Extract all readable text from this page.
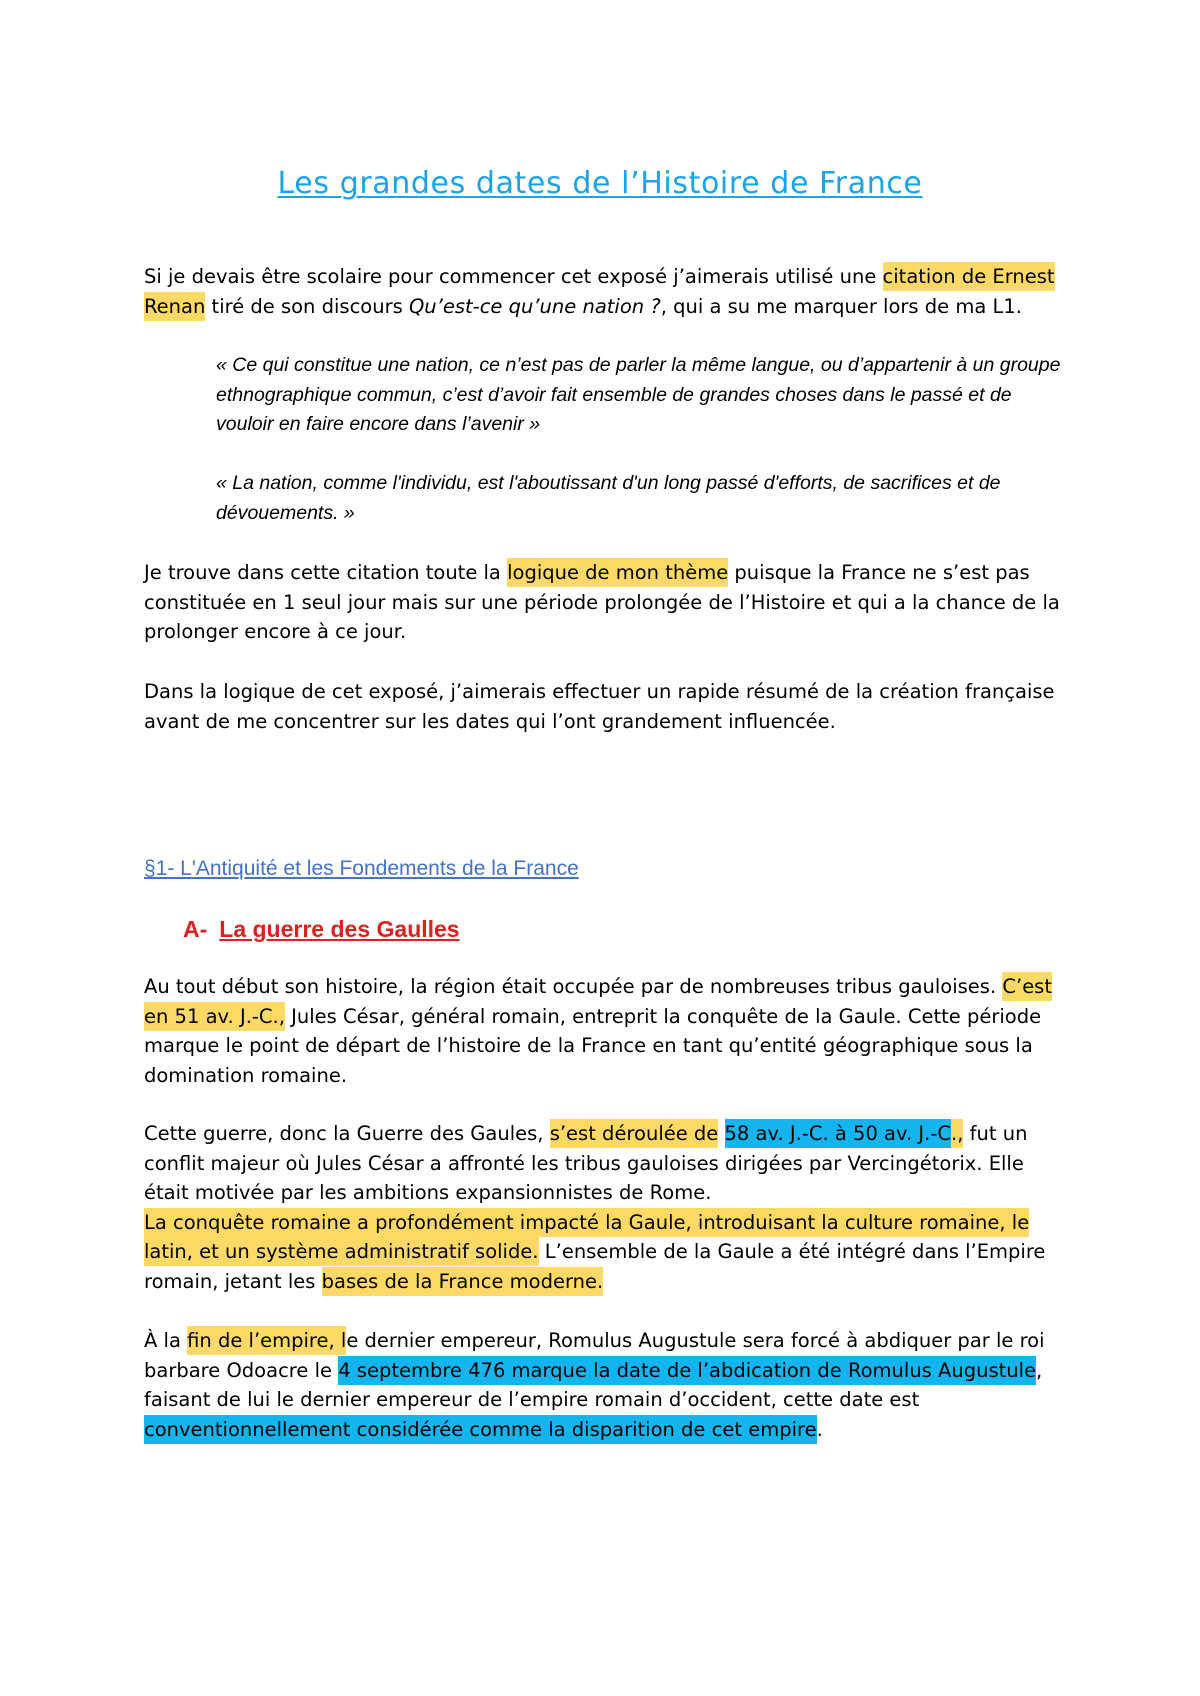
Les grandes dates de l’Histoire de France

Si je devais être scolaire pour commencer cet exposé j’aimerais utilisé une citation de Ernest Renan tiré de son discours Qu’est-ce qu’une nation ?, qui a su me marquer lors de ma L1.

« Ce qui constitue une nation, ce n’est pas de parler la même langue, ou d’appartenir à un groupe ethnographique commun, c’est d’avoir fait ensemble de grandes choses dans le passé et de vouloir en faire encore dans l’avenir »

« La nation, comme l'individu, est l'aboutissant d'un long passé d'efforts, de sacrifices et de dévouements. »

Je trouve dans cette citation toute la logique de mon thème puisque la France ne s’est pas constituée en 1 seul jour mais sur une période prolongée de l’Histoire et qui a la chance de la prolonger encore à ce jour.

Dans la logique de cet exposé, j’aimerais effectuer un rapide résumé de la création française avant de me concentrer sur les dates qui l’ont grandement influencée.

§1- L'Antiquité et les Fondements de la France
A- La guerre des Gaulles

Au tout début son histoire, la région était occupée par de nombreuses tribus gauloises. C’est en 51 av. J.-C., Jules César, général romain, entreprit la conquête de la Gaule. Cette période marque le point de départ de l’histoire de la France en tant qu’entité géographique sous la domination romaine.

Cette guerre, donc la Guerre des Gaules, s’est déroulée de 58 av. J.-C. à 50 av. J.-C., fut un conflit majeur où Jules César a affronté les tribus gauloises dirigées par Vercingétorix. Elle était motivée par les ambitions expansionnistes de Rome.
La conquête romaine a profondément impacté la Gaule, introduisant la culture romaine, le latin, et un système administratif solide. L’ensemble de la Gaule a été intégré dans l’Empire romain, jetant les bases de la France moderne.

À la fin de l’empire, le dernier empereur, Romulus Augustule sera forcé à abdiquer par le roi barbare Odoacre le 4 septembre 476 marque la date de l’abdication de Romulus Augustule, faisant de lui le dernier empereur de l’empire romain d’occident, cette date est conventionnellement considérée comme la disparition de cet empire.
